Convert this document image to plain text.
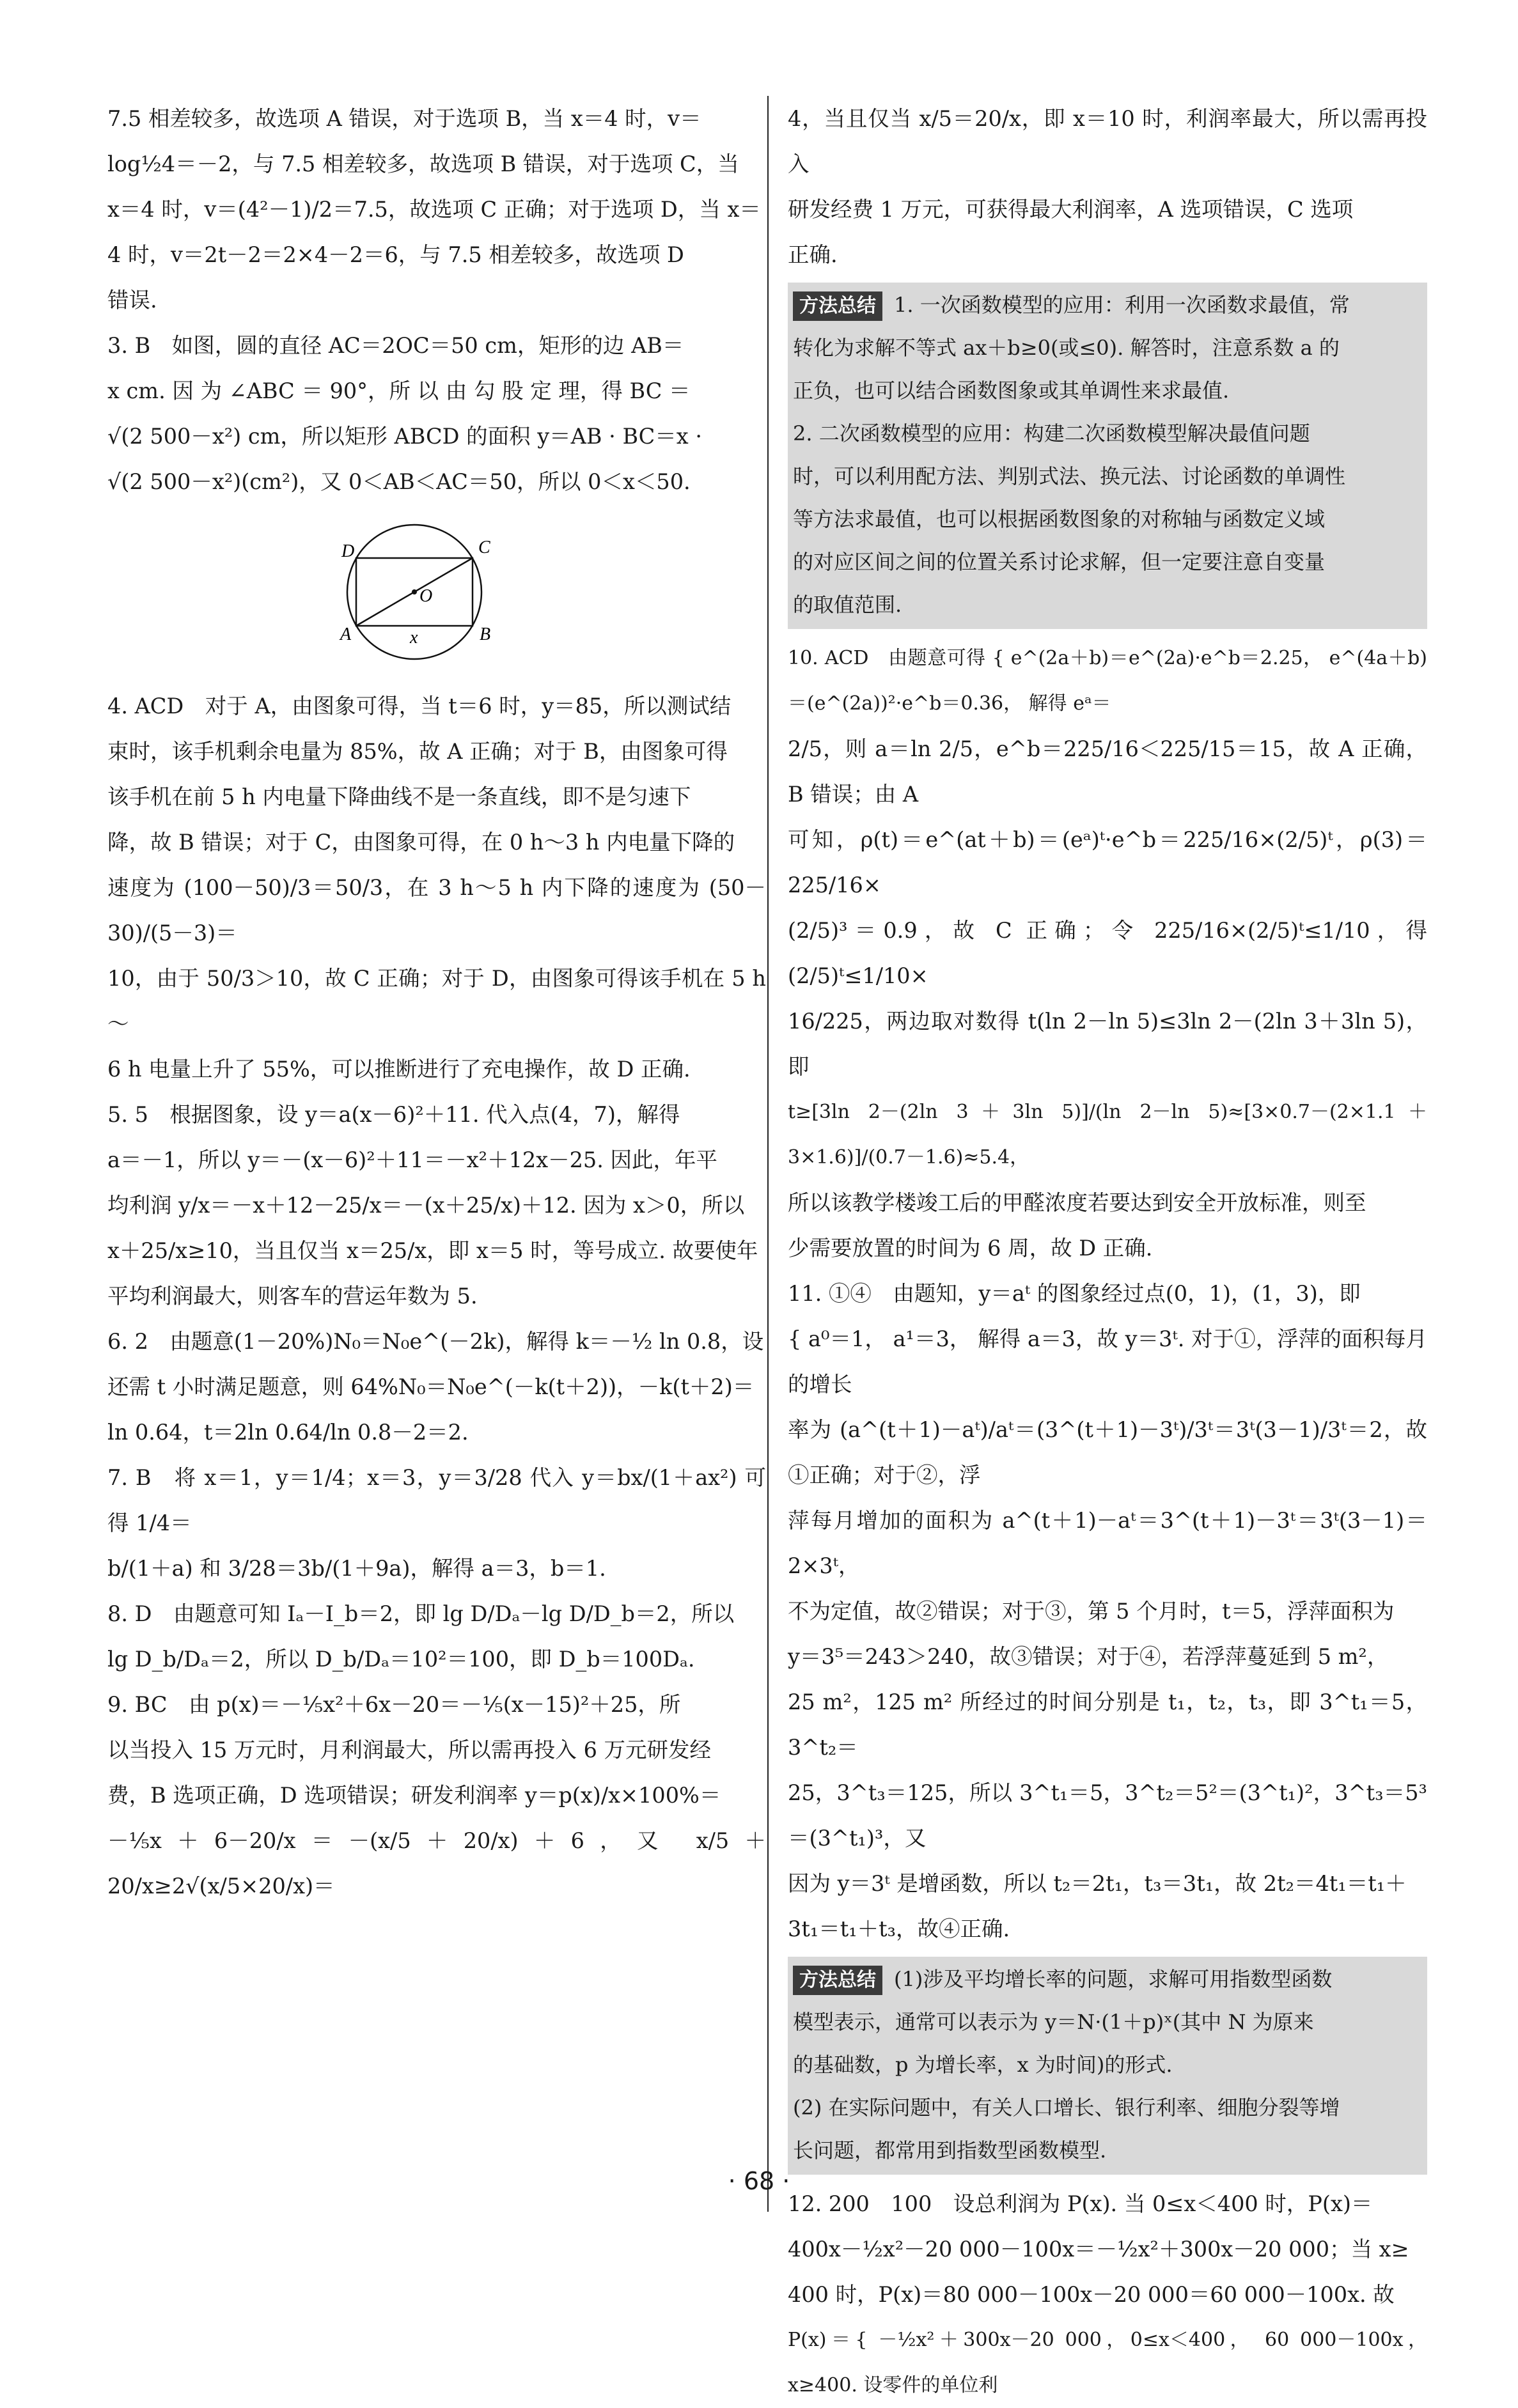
7.5 相差较多，故选项 A 错误，对于选项 B，当 x＝4 时，v＝

log½4＝－2，与 7.5 相差较多，故选项 B 错误，对于选项 C，当

x＝4 时，v＝(4²－1)/2＝7.5，故选项 C 正确；对于选项 D，当 x＝

4 时，v＝2t－2＝2×4－2＝6，与 7.5 相差较多，故选项 D

错误.

3. B　如图，圆的直径 AC＝2OC＝50 cm，矩形的边 AB＝

x cm. 因 为 ∠ABC ＝ 90°，所 以 由 勾 股 定 理，得 BC ＝

√(2 500－x²) cm，所以矩形 ABCD 的面积 y＝AB · BC＝x ·

√(2 500－x²)(cm²)，又 0＜AB＜AC＝50，所以 0＜x＜50.

D	C
O
A	x	B

4. ACD　对于 A，由图象可得，当 t＝6 时，y＝85，所以测试结

束时，该手机剩余电量为 85%，故 A 正确；对于 B，由图象可得

该手机在前 5 h 内电量下降曲线不是一条直线，即不是匀速下

降，故 B 错误；对于 C，由图象可得，在 0 h～3 h 内电量下降的

速度为 (100－50)/3＝50/3，在 3 h～5 h 内下降的速度为 (50－30)/(5－3)＝

10，由于 50/3＞10，故 C 正确；对于 D，由图象可得该手机在 5 h～

6 h 电量上升了 55%，可以推断进行了充电操作，故 D 正确.

5. 5　根据图象，设 y＝a(x－6)²＋11. 代入点(4，7)，解得

a＝－1，所以 y＝－(x－6)²＋11＝－x²＋12x－25. 因此，年平

均利润 y/x＝－x＋12－25/x＝－(x＋25/x)＋12. 因为 x＞0，所以

x＋25/x≥10，当且仅当 x＝25/x，即 x＝5 时，等号成立. 故要使年

平均利润最大，则客车的营运年数为 5.

6. 2　由题意(1－20%)N₀＝N₀e^(－2k)，解得 k＝－½ ln 0.8，设

还需 t 小时满足题意，则 64%N₀＝N₀e^(－k(t＋2))，－k(t＋2)＝

ln 0.64，t＝2ln 0.64/ln 0.8－2＝2.

7. B　将 x＝1，y＝1/4；x＝3，y＝3/28 代入 y＝bx/(1＋ax²) 可得 1/4＝

b/(1＋a) 和 3/28＝3b/(1＋9a)，解得 a＝3，b＝1.

8. D　由题意可知 Iₐ－I_b＝2，即 lg D/Dₐ－lg D/D_b＝2，所以

lg D_b/Dₐ＝2，所以 D_b/Dₐ＝10²＝100，即 D_b＝100Dₐ.

9. BC　由 p(x)＝－⅕x²＋6x－20＝－⅕(x－15)²＋25，所

以当投入 15 万元时，月利润最大，所以需再投入 6 万元研发经

费，B 选项正确，D 选项错误；研发利润率 y＝p(x)/x×100%＝

－⅕x＋6－20/x＝－(x/5＋20/x)＋6，又 x/5＋20/x≥2√(x/5×20/x)＝

4，当且仅当 x/5＝20/x，即 x＝10 时，利润率最大，所以需再投入

研发经费 1 万元，可获得最大利润率，A 选项错误，C 选项

正确.

方法总结 1. 一次函数模型的应用：利用一次函数求最值，常

转化为求解不等式 ax＋b≥0(或≤0). 解答时，注意系数 a 的

正负，也可以结合函数图象或其单调性来求最值.

2. 二次函数模型的应用：构建二次函数模型解决最值问题

时，可以利用配方法、判别式法、换元法、讨论函数的单调性

等方法求最值，也可以根据函数图象的对称轴与函数定义域

的对应区间之间的位置关系讨论求解，但一定要注意自变量

的取值范围.

10. ACD　由题意可得 { e^(2a＋b)＝e^(2a)·e^b＝2.25， e^(4a＋b)＝(e^(2a))²·e^b＝0.36， 解得 eᵃ＝

2/5，则 a＝ln 2/5，e^b＝225/16＜225/15＝15，故 A 正确，B 错误；由 A

可知，ρ(t)＝e^(at＋b)＝(eᵃ)ᵗ·e^b＝225/16×(2/5)ᵗ，ρ(3)＝225/16×

(2/5)³＝0.9，故 C 正确；令 225/16×(2/5)ᵗ≤1/10，得 (2/5)ᵗ≤1/10×

16/225，两边取对数得 t(ln 2－ln 5)≤3ln 2－(2ln 3＋3ln 5)，即

t≥[3ln 2－(2ln 3＋3ln 5)]/(ln 2－ln 5)≈[3×0.7－(2×1.1＋3×1.6)]/(0.7－1.6)≈5.4，

所以该教学楼竣工后的甲醛浓度若要达到安全开放标准，则至

少需要放置的时间为 6 周，故 D 正确.

11. ①④　由题知，y＝aᵗ 的图象经过点(0，1)，(1，3)，即

{ a⁰＝1， a¹＝3， 解得 a＝3，故 y＝3ᵗ. 对于①，浮萍的面积每月的增长

率为 (a^(t＋1)－aᵗ)/aᵗ＝(3^(t＋1)－3ᵗ)/3ᵗ＝3ᵗ(3－1)/3ᵗ＝2，故①正确；对于②，浮

萍每月增加的面积为 a^(t＋1)－aᵗ＝3^(t＋1)－3ᵗ＝3ᵗ(3－1)＝2×3ᵗ，

不为定值，故②错误；对于③，第 5 个月时，t＝5，浮萍面积为

y＝3⁵＝243＞240，故③错误；对于④，若浮萍蔓延到 5 m²，

25 m²，125 m² 所经过的时间分别是 t₁，t₂，t₃，即 3^t₁＝5，3^t₂＝

25，3^t₃＝125，所以 3^t₁＝5，3^t₂＝5²＝(3^t₁)²，3^t₃＝5³＝(3^t₁)³，又

因为 y＝3ᵗ 是增函数，所以 t₂＝2t₁，t₃＝3t₁，故 2t₂＝4t₁＝t₁＋

3t₁＝t₁＋t₃，故④正确.

方法总结 (1)涉及平均增长率的问题，求解可用指数型函数

模型表示，通常可以表示为 y＝N·(1＋p)ˣ(其中 N 为原来

的基础数，p 为增长率，x 为时间)的形式.

(2) 在实际问题中，有关人口增长、银行利率、细胞分裂等增

长问题，都常用到指数型函数模型.

12. 200　100　设总利润为 P(x). 当 0≤x＜400 时，P(x)＝

400x－½x²－20 000－100x＝－½x²＋300x－20 000；当 x≥

400 时，P(x)＝80 000－100x－20 000＝60 000－100x. 故

P(x)＝{ －½x²＋300x－20 000，0≤x＜400， 60 000－100x，x≥400. 设零件的单位利

· 68 ·
